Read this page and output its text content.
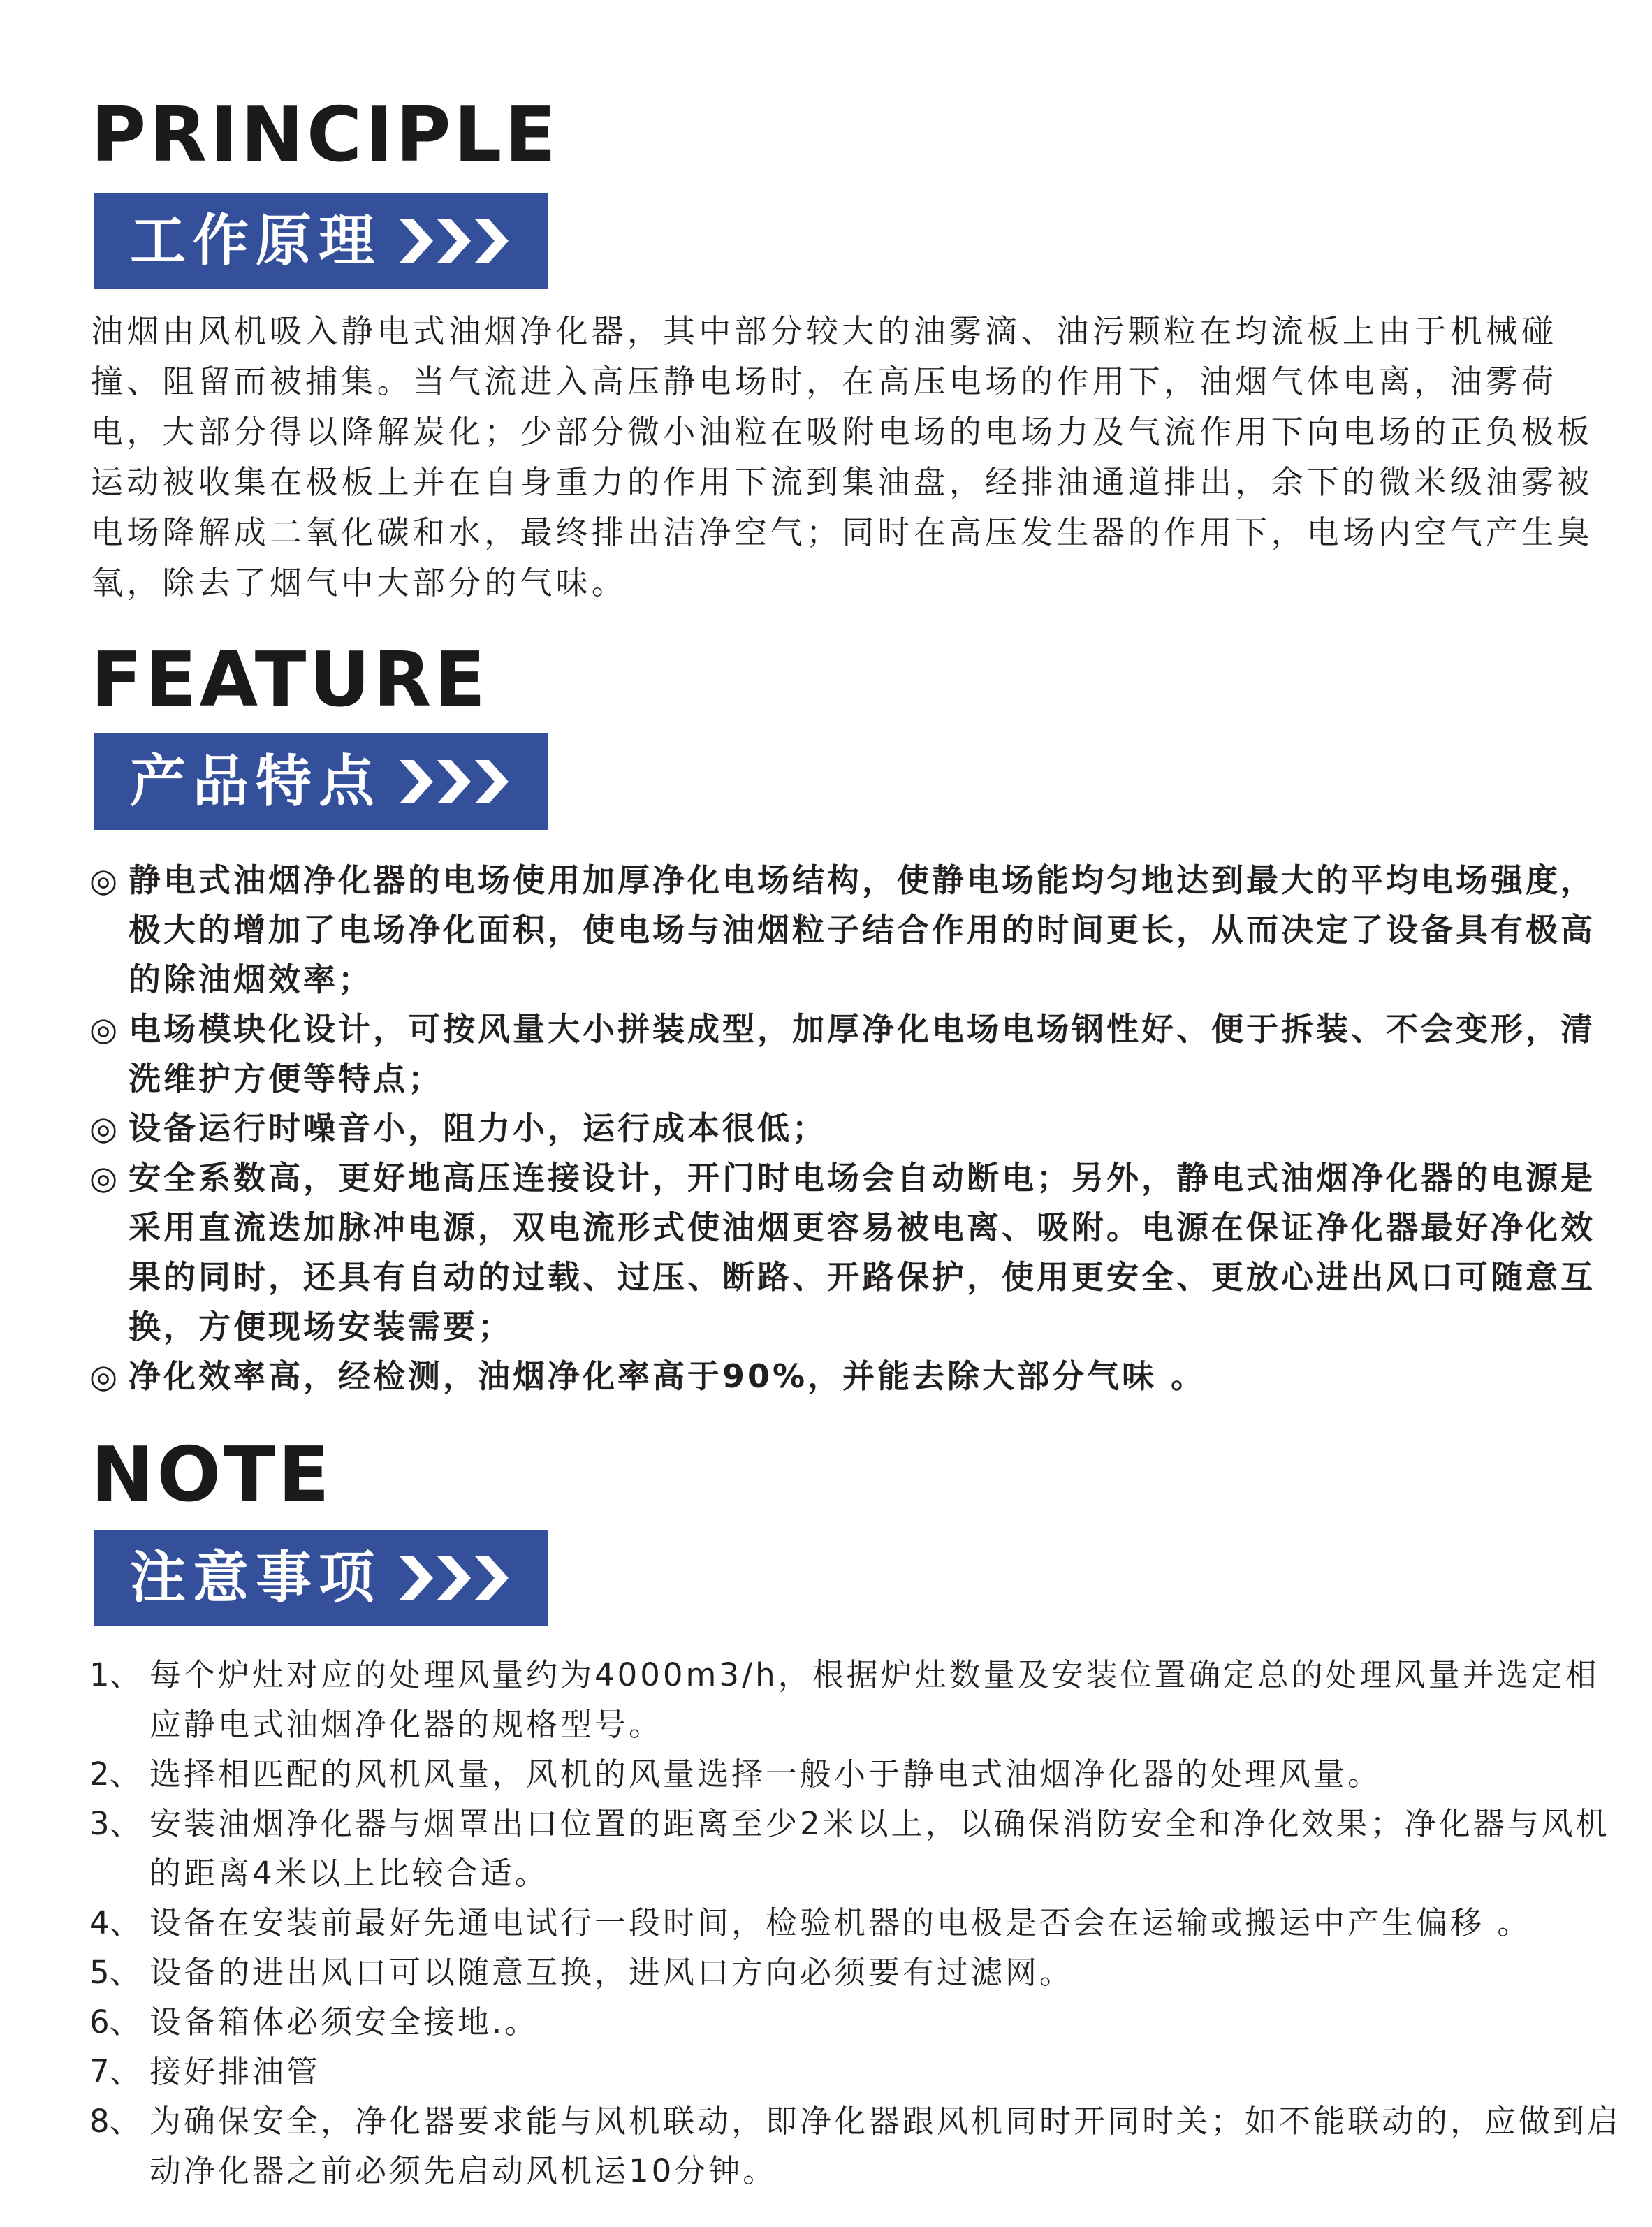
PRINCIPLE
工作原理

油烟由风机吸入静电式油烟净化器，其中部分较大的油雾滴、油污颗粒在均流板上由于机械碰撞、阻留而被捕集。当气流进入高压静电场时，在高压电场的作用下，油烟气体电离，油雾荷电，大部分得以降解炭化；少部分微小油粒在吸附电场的电场力及气流作用下向电场的正负极板运动被收集在极板上并在自身重力的作用下流到集油盘，经排油通道排出，余下的微米级油雾被电场降解成二氧化碳和水，最终排出洁净空气；同时在高压发生器的作用下，电场内空气产生臭氧，除去了烟气中大部分的气味。

FEATURE
产品特点
◎ 静电式油烟净化器的电场使用加厚净化电场结构，使静电场能均匀地达到最大的平均电场强度，极大的增加了电场净化面积，使电场与油烟粒子结合作用的时间更长，从而决定了设备具有极高的除油烟效率；
◎ 电场模块化设计，可按风量大小拼装成型，加厚净化电场电场钢性好、便于拆装、不会变形，清洗维护方便等特点；
◎ 设备运行时噪音小，阻力小，运行成本很低；
◎ 安全系数高，更好地高压连接设计，开门时电场会自动断电；另外，静电式油烟净化器的电源是采用直流迭加脉冲电源，双电流形式使油烟更容易被电离、吸附。电源在保证净化器最好净化效果的同时，还具有自动的过载、过压、断路、开路保护，使用更安全、更放心进出风口可随意互换，方便现场安装需要；
◎ 净化效率高，经检测，油烟净化率高于90%，并能去除大部分气味 。
NOTE
注意事项
1、 每个炉灶对应的处理风量约为4000m3/h，根据炉灶数量及安装位置确定总的处理风量并选定相应静电式油烟净化器的规格型号。
2、 选择相匹配的风机风量，风机的风量选择一般小于静电式油烟净化器的处理风量。
3、 安装油烟净化器与烟罩出口位置的距离至少2米以上，以确保消防安全和净化效果；净化器与风机的距离4米以上比较合适。
4、 设备在安装前最好先通电试行一段时间，检验机器的电极是否会在运输或搬运中产生偏移 。
5、 设备的进出风口可以随意互换，进风口方向必须要有过滤网。
6、 设备箱体必须安全接地.。
7、 接好排油管
8、 为确保安全，净化器要求能与风机联动，即净化器跟风机同时开同时关；如不能联动的，应做到启动净化器之前必须先启动风机运10分钟。
